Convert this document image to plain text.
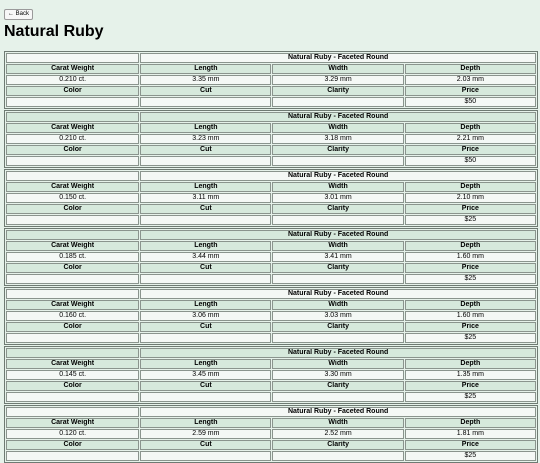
← Back
Natural Ruby
	Natural Ruby - Faceted Round		
Carat Weight	Length	Width	Depth
0.210 ct.	3.35 mm	3.29 mm	2.03 mm
Color	Cut	Clarity	Price
			$50
	Natural Ruby - Faceted Round		
Carat Weight	Length	Width	Depth
0.210 ct.	3.23 mm	3.18 mm	2.21 mm
Color	Cut	Clarity	Price
			$50
	Natural Ruby - Faceted Round		
Carat Weight	Length	Width	Depth
0.150 ct.	3.11 mm	3.01 mm	2.10 mm
Color	Cut	Clarity	Price
			$25
	Natural Ruby - Faceted Round		
Carat Weight	Length	Width	Depth
0.185 ct.	3.44 mm	3.41 mm	1.60 mm
Color	Cut	Clarity	Price
			$25
	Natural Ruby - Faceted Round		
Carat Weight	Length	Width	Depth
0.160 ct.	3.06 mm	3.03 mm	1.60 mm
Color	Cut	Clarity	Price
			$25
	Natural Ruby - Faceted Round		
Carat Weight	Length	Width	Depth
0.145 ct.	3.45 mm	3.30 mm	1.35 mm
Color	Cut	Clarity	Price
			$25
	Natural Ruby - Faceted Round		
Carat Weight	Length	Width	Depth
0.120 ct.	2.59 mm	2.52 mm	1.81 mm
Color	Cut	Clarity	Price
			$25
